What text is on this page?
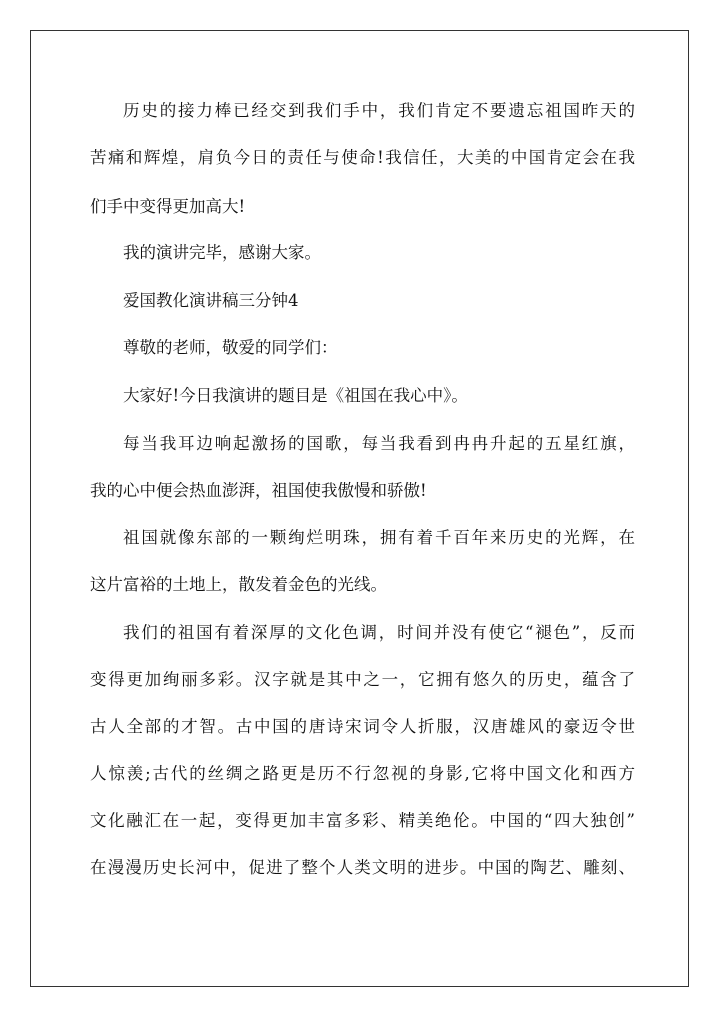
历史的接力棒已经交到我们手中，我们肯定不要遗忘祖国昨天的
苦痛和辉煌，肩负今日的责任与使命!我信任，大美的中国肯定会在我
们手中变得更加高大!
我的演讲完毕，感谢大家。
爱国教化演讲稿三分钟4
尊敬的老师，敬爱的同学们：
大家好!今日我演讲的题目是《祖国在我心中》。
每当我耳边响起激扬的国歌，每当我看到冉冉升起的五星红旗，
我的心中便会热血澎湃，祖国使我傲慢和骄傲!
祖国就像东部的一颗绚烂明珠，拥有着千百年来历史的光辉，在
这片富裕的土地上，散发着金色的光线。
我们的祖国有着深厚的文化色调，时间并没有使它“褪色”，反而
变得更加绚丽多彩。汉字就是其中之一，它拥有悠久的历史，蕴含了
古人全部的才智。古中国的唐诗宋词令人折服，汉唐雄风的豪迈令世
人惊羡;古代的丝绸之路更是历不行忽视的身影,它将中国文化和西方
文化融汇在一起，变得更加丰富多彩、精美绝伦。中国的“四大独创”
在漫漫历史长河中，促进了整个人类文明的进步。中国的陶艺、雕刻、
